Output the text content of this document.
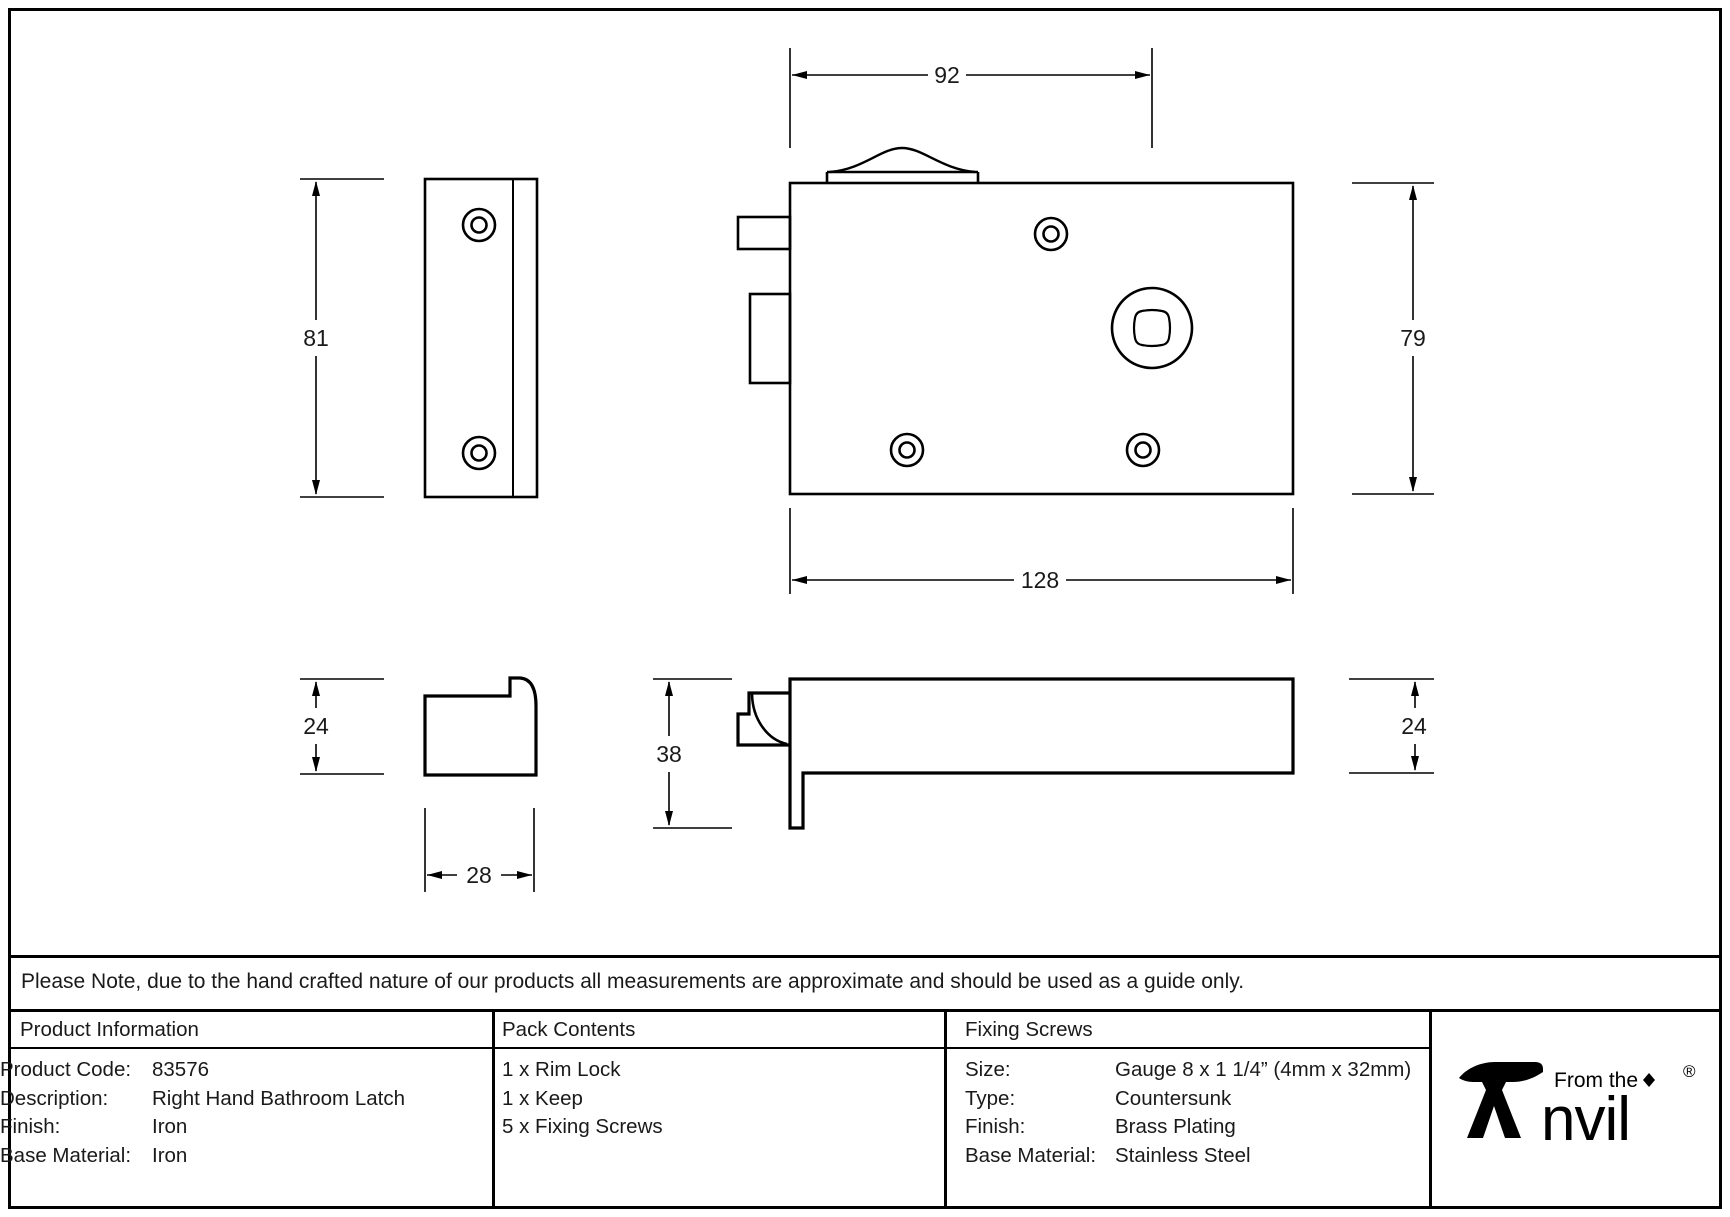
81
92
79
128
24
28
38
24
Please Note, due to the hand crafted nature of our products all measurements are approximate and should be used as a guide only.
Product Information	Pack Contents	Fixing Screws
Product Code:	83576
Description:	Right Hand Bathroom Latch
Finish:	Iron
Base Material:	Iron
1 x Rim Lock
1 x Keep
5 x Fixing Screws
Size:	Gauge 8 x 1 1/4” (4mm x 32mm)
Type:	Countersunk
Finish:	Brass Plating
Base Material: Stainless Steel
From the
nvil
®
